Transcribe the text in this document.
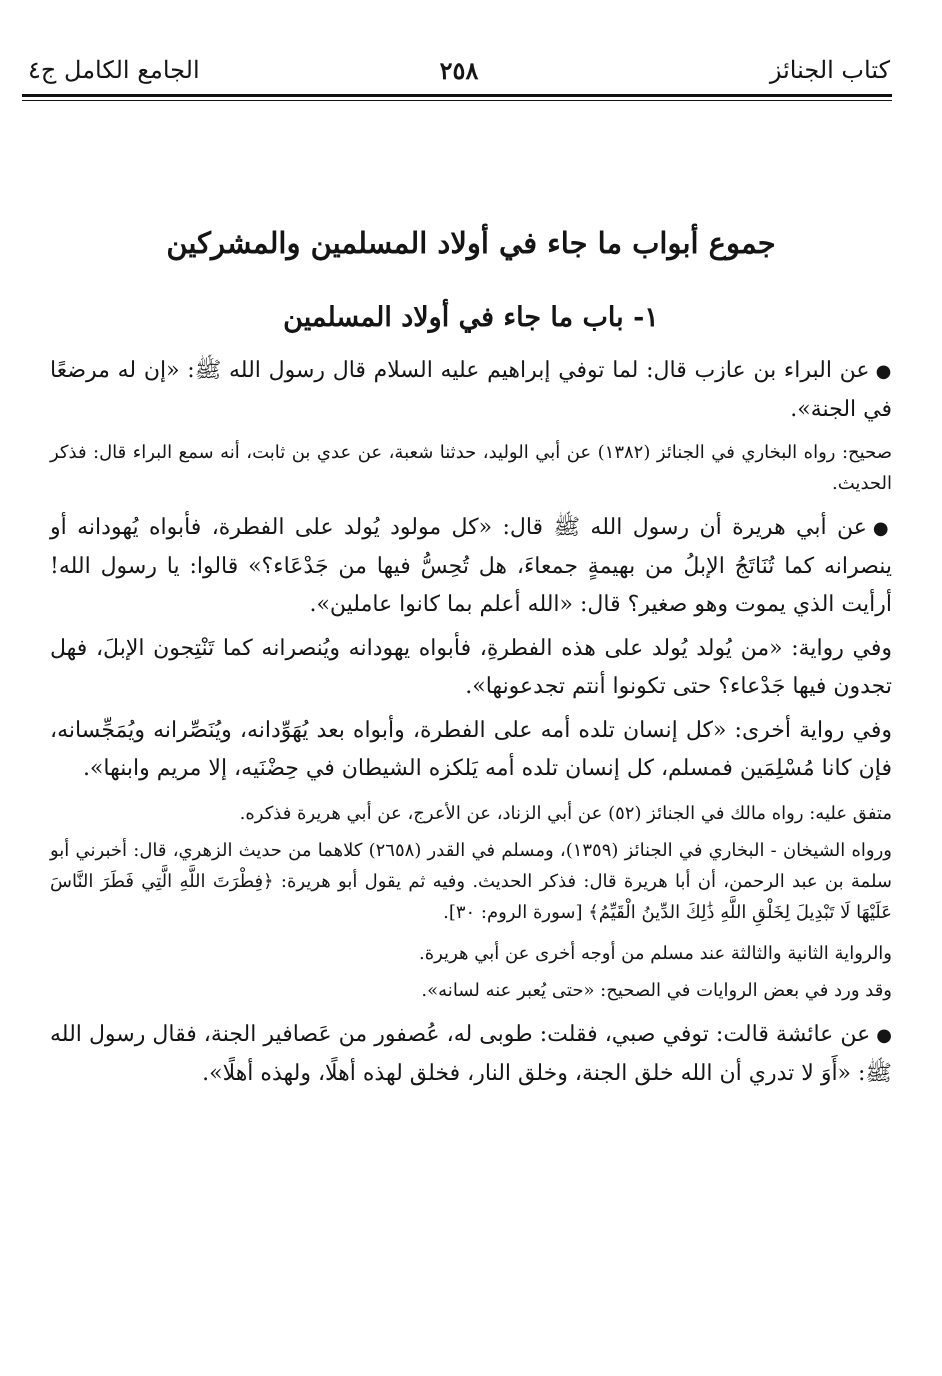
كتاب الجنائز
٢٥٨
الجامع الكامل ج٤
جموع أبواب ما جاء في أولاد المسلمين والمشركين
١- باب ما جاء في أولاد المسلمين

●عن البراء بن عازب قال: لما توفي إبراهيم عليه السلام قال رسول الله ﷺ: «إن له مرضعًا في الجنة».

صحيح: رواه البخاري في الجنائز (١٣٨٢) عن أبي الوليد، حدثنا شعبة، عن عدي بن ثابت، أنه سمع البراء قال: فذكر الحديث.

●عن أبي هريرة أن رسول الله ﷺ قال: «كل مولود يُولد على الفطرة، فأبواه يُهودانه أو ينصرانه كما تُنَاتَجُ الإبلُ من بهيمةٍ جمعاءَ، هل تُحِسُّ فيها من جَدْعَاء؟» قالوا: يا رسول الله! أرأيت الذي يموت وهو صغير؟ قال: «الله أعلم بما كانوا عاملين».

وفي رواية: «من يُولد يُولد على هذه الفطرةِ، فأبواه يهودانه ويُنصرانه كما تَنْتِجون الإبلَ، فهل تجدون فيها جَدْعاء؟ حتى تكونوا أنتم تجدعونها».

وفي رواية أخرى: «كل إنسان تلده أمه على الفطرة، وأبواه بعد يُهَوِّدانه، ويُنَصِّرانه ويُمَجِّسانه، فإن كانا مُسْلِمَين فمسلم، كل إنسان تلده أمه يَلكزه الشيطان في حِضْنَيه، إلا مريم وابنها».

متفق عليه: رواه مالك في الجنائز (٥٢) عن أبي الزناد، عن الأعرج، عن أبي هريرة فذكره.

ورواه الشيخان - البخاري في الجنائز (١٣٥٩)، ومسلم في القدر (٢٦٥٨) كلاهما من حديث الزهري، قال: أخبرني أبو سلمة بن عبد الرحمن، أن أبا هريرة قال: فذكر الحديث. وفيه ثم يقول أبو هريرة: ﴿فِطْرَتَ اللَّهِ الَّتِي فَطَرَ النَّاسَ عَلَيْهَا لَا تَبْدِيلَ لِخَلْقِ اللَّهِ ذَٰلِكَ الدِّينُ الْقَيِّمُ﴾ [سورة الروم: ٣٠].

والرواية الثانية والثالثة عند مسلم من أوجه أخرى عن أبي هريرة.

وقد ورد في بعض الروايات في الصحيح: «حتى يُعبر عنه لسانه».

●عن عائشة قالت: توفي صبي، فقلت: طوبى له، عُصفور من عَصافير الجنة، فقال رسول الله ﷺ: «أَوَ لا تدري أن الله خلق الجنة، وخلق النار، فخلق لهذه أهلًا، ولهذه أهلًا».
